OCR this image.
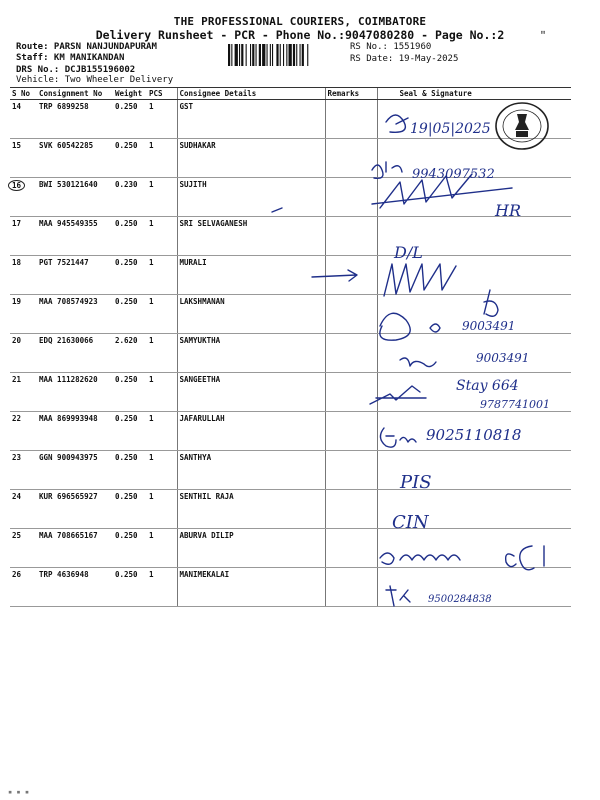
THE PROFESSIONAL COURIERS, COIMBATORE
Delivery Runsheet - PCR - Phone No.:9047080280 - Page No.:2	ʺ
Route: PARSN NANJUNDAPURAM
Staff: KM MANIKANDAN
DRS No.: DCJB155196002
Vehicle: Two Wheeler Delivery
RS No.: 1551960
RS Date: 19-May-2025
S No	Consignment No	Weight	PCS	Consignee Details	Remarks	Seal & Signature
14	TRP 6899258	0.250	1	GST		
15	SVK 60542285	0.250	1	SUDHAKAR		
16	BWI 530121640	0.230	1	SUJITH		
17	MAA 945549355	0.250	1	SRI SELVAGANESH		
18	PGT 7521447	0.250	1	MURALI		
19	MAA 708574923	0.250	1	LAKSHMANAN		
20	EDQ 21630066	2.620	1	SAMYUKTHA		
21	MAA 111282620	0.250	1	SANGEETHA		
22	MAA 869993948	0.250	1	JAFARULLAH		
23	GGN 900943975	0.250	1	SANTHYA		
24	KUR 696565927	0.250	1	SENTHIL RAJA		
25	MAA 708665167	0.250	1	ABURVA DILIP		
26	TRP 4636948	0.250	1	MANIMEKALAI		
19|05|2025
9943097532
HR
D/L
9003491
9003491
Stay 664
9787741001
9025110818
PIS
CIN
9500284838
▪ ▪ ▪
